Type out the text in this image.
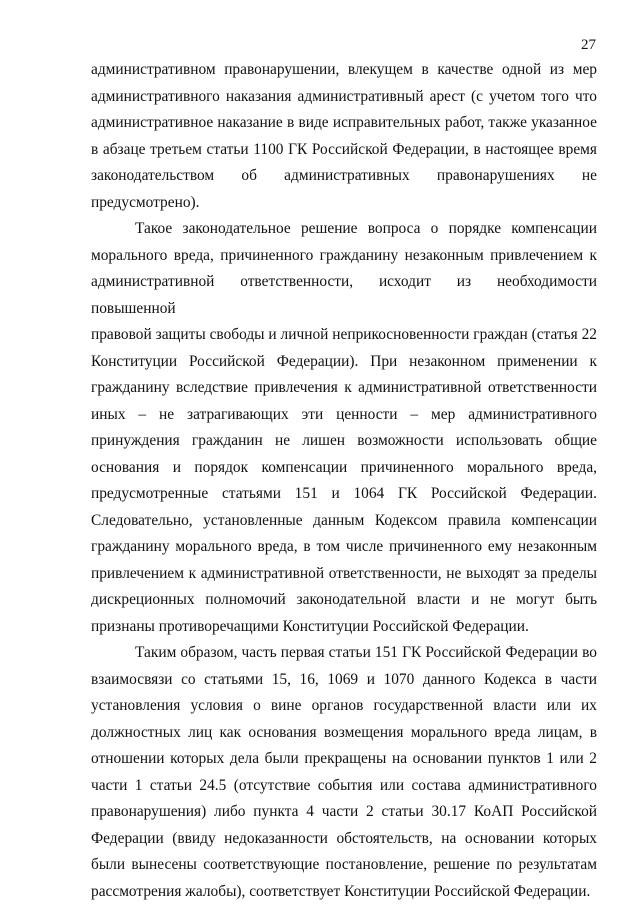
27

административном правонарушении, влекущем в качестве одной из мер
административного наказания административный арест (с учетом того что
административное наказание в виде исправительных работ, также указанное
в абзаце третьем статьи 1100 ГК Российской Федерации, в настоящее время
законодательством об административных правонарушениях не
предусмотрено).

Такое законодательное решение вопроса о порядке компенсации
морального вреда, причиненного гражданину незаконным привлечением к
административной ответственности, исходит из необходимости повышенной
правовой защиты свободы и личной неприкосновенности граждан (статья 22
Конституции Российской Федерации). При незаконном применении к
гражданину вследствие привлечения к административной ответственности
иных – не затрагивающих эти ценности – мер административного
принуждения гражданин не лишен возможности использовать общие
основания и порядок компенсации причиненного морального вреда,
предусмотренные статьями 151 и 1064 ГК Российской Федерации.
Следовательно, установленные данным Кодексом правила компенсации
гражданину морального вреда, в том числе причиненного ему незаконным
привлечением к административной ответственности, не выходят за пределы
дискреционных полномочий законодательной власти и не могут быть
признаны противоречащими Конституции Российской Федерации.

Таким образом, часть первая статьи 151 ГК Российской Федерации во
взаимосвязи со статьями 15, 16, 1069 и 1070 данного Кодекса в части
установления условия о вине органов государственной власти или их
должностных лиц как основания возмещения морального вреда лицам, в
отношении которых дела были прекращены на основании пунктов 1 или 2
части 1 статьи 24.5 (отсутствие события или состава административного
правонарушения) либо пункта 4 части 2 статьи 30.17 КоАП Российской
Федерации (ввиду недоказанности обстоятельств, на основании которых
были вынесены соответствующие постановление, решение по результатам
рассмотрения жалобы), соответствует Конституции Российской Федерации.
